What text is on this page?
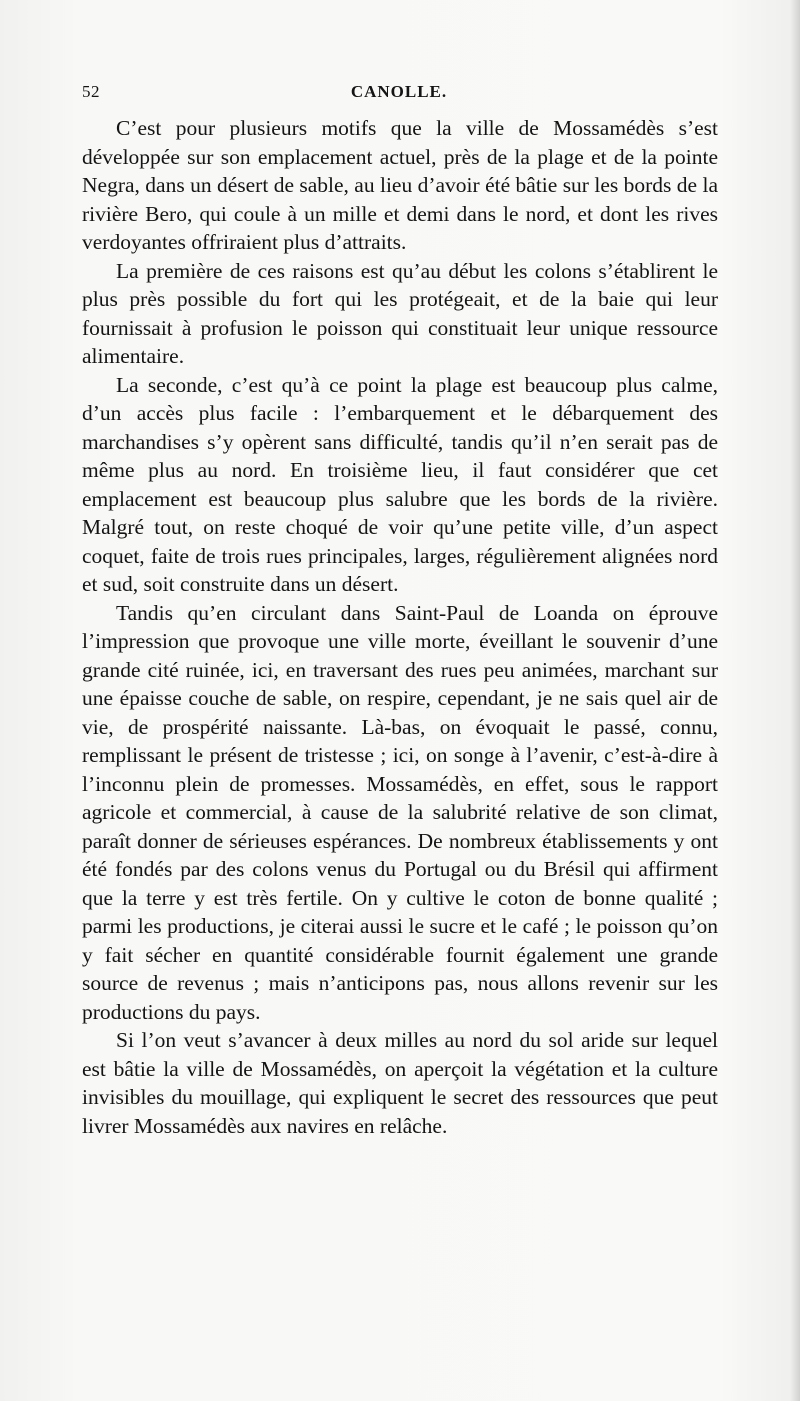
52	CANOLLE.

C’est pour plusieurs motifs que la ville de Mossamédès s’est développée sur son emplacement actuel, près de la plage et de la pointe Negra, dans un désert de sable, au lieu d’avoir été bâtie sur les bords de la rivière Bero, qui coule à un mille et demi dans le nord, et dont les rives verdoyantes offriraient plus d’attraits.

La première de ces raisons est qu’au début les colons s’établirent le plus près possible du fort qui les protégeait, et de la baie qui leur fournissait à profusion le poisson qui constituait leur unique ressource alimentaire.

La seconde, c’est qu’à ce point la plage est beaucoup plus calme, d’un accès plus facile : l’embarquement et le débarquement des marchandises s’y opèrent sans difficulté, tandis qu’il n’en serait pas de même plus au nord. En troisième lieu, il faut considérer que cet emplacement est beaucoup plus salubre que les bords de la rivière. Malgré tout, on reste choqué de voir qu’une petite ville, d’un aspect coquet, faite de trois rues principales, larges, régulièrement alignées nord et sud, soit construite dans un désert.

Tandis qu’en circulant dans Saint-Paul de Loanda on éprouve l’impression que provoque une ville morte, éveillant le souvenir d’une grande cité ruinée, ici, en traversant des rues peu animées, marchant sur une épaisse couche de sable, on respire, cependant, je ne sais quel air de vie, de prospérité naissante. Là-bas, on évoquait le passé, connu, remplissant le présent de tristesse ; ici, on songe à l’avenir, c’est-à-dire à l’inconnu plein de promesses. Mossamédès, en effet, sous le rapport agricole et commercial, à cause de la salubrité relative de son climat, paraît donner de sérieuses espérances. De nombreux établissements y ont été fondés par des colons venus du Portugal ou du Brésil qui affirment que la terre y est très fertile. On y cultive le coton de bonne qualité ; parmi les productions, je citerai aussi le sucre et le café ; le poisson qu’on y fait sécher en quantité considérable fournit également une grande source de revenus ; mais n’anticipons pas, nous allons revenir sur les productions du pays.

Si l’on veut s’avancer à deux milles au nord du sol aride sur lequel est bâtie la ville de Mossamédès, on aperçoit la végétation et la culture invisibles du mouillage, qui expliquent le secret des ressources que peut livrer Mossamédès aux navires en relâche.
